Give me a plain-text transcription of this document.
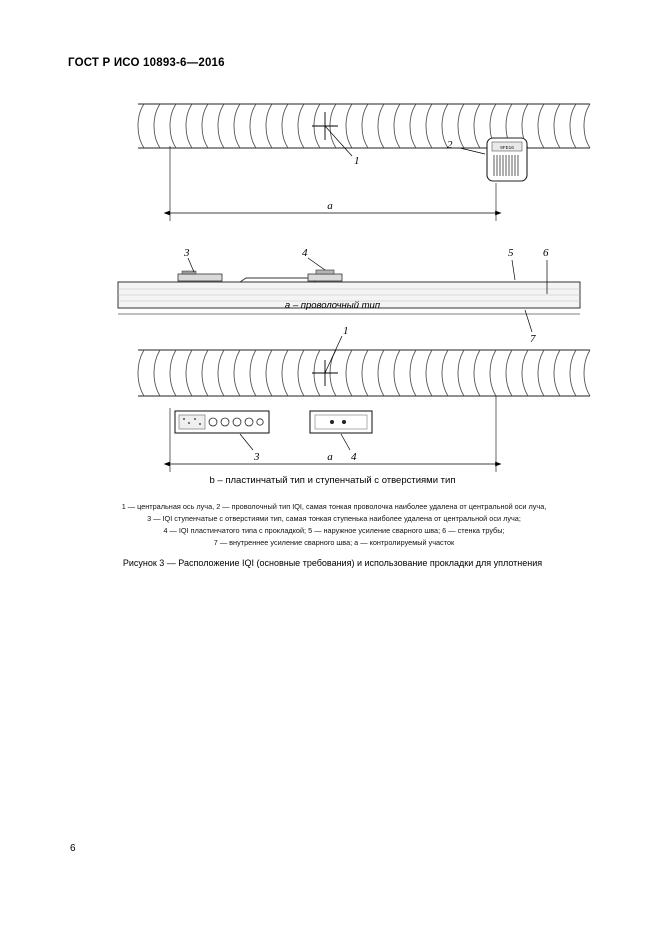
ГОСТ Р ИСО 10893-6—2016
1
9FE16
2
a
3	4	5	6
7
1
3	4
a
a – проволочный тип
b – пластинчатый тип и ступенчатый с отверстиями тип
1 — центральная ось луча, 2 — проволочный тип IQI, самая тонкая проволочка наиболее удалена от центральной оси луча,
3 — IQI ступенчатые с отверстиями тип, самая тонкая ступенька наиболее удалена от центральной оси луча;
4 — IQI пластинчатого типа с прокладкой; 5 — наружное усиление сварного шва; 6 — стенка трубы;
7 — внутреннее усиление сварного шва; a — контролируемый участок
Рисунок 3 — Расположение IQI (основные требования) и использование прокладки для уплотнения
6
